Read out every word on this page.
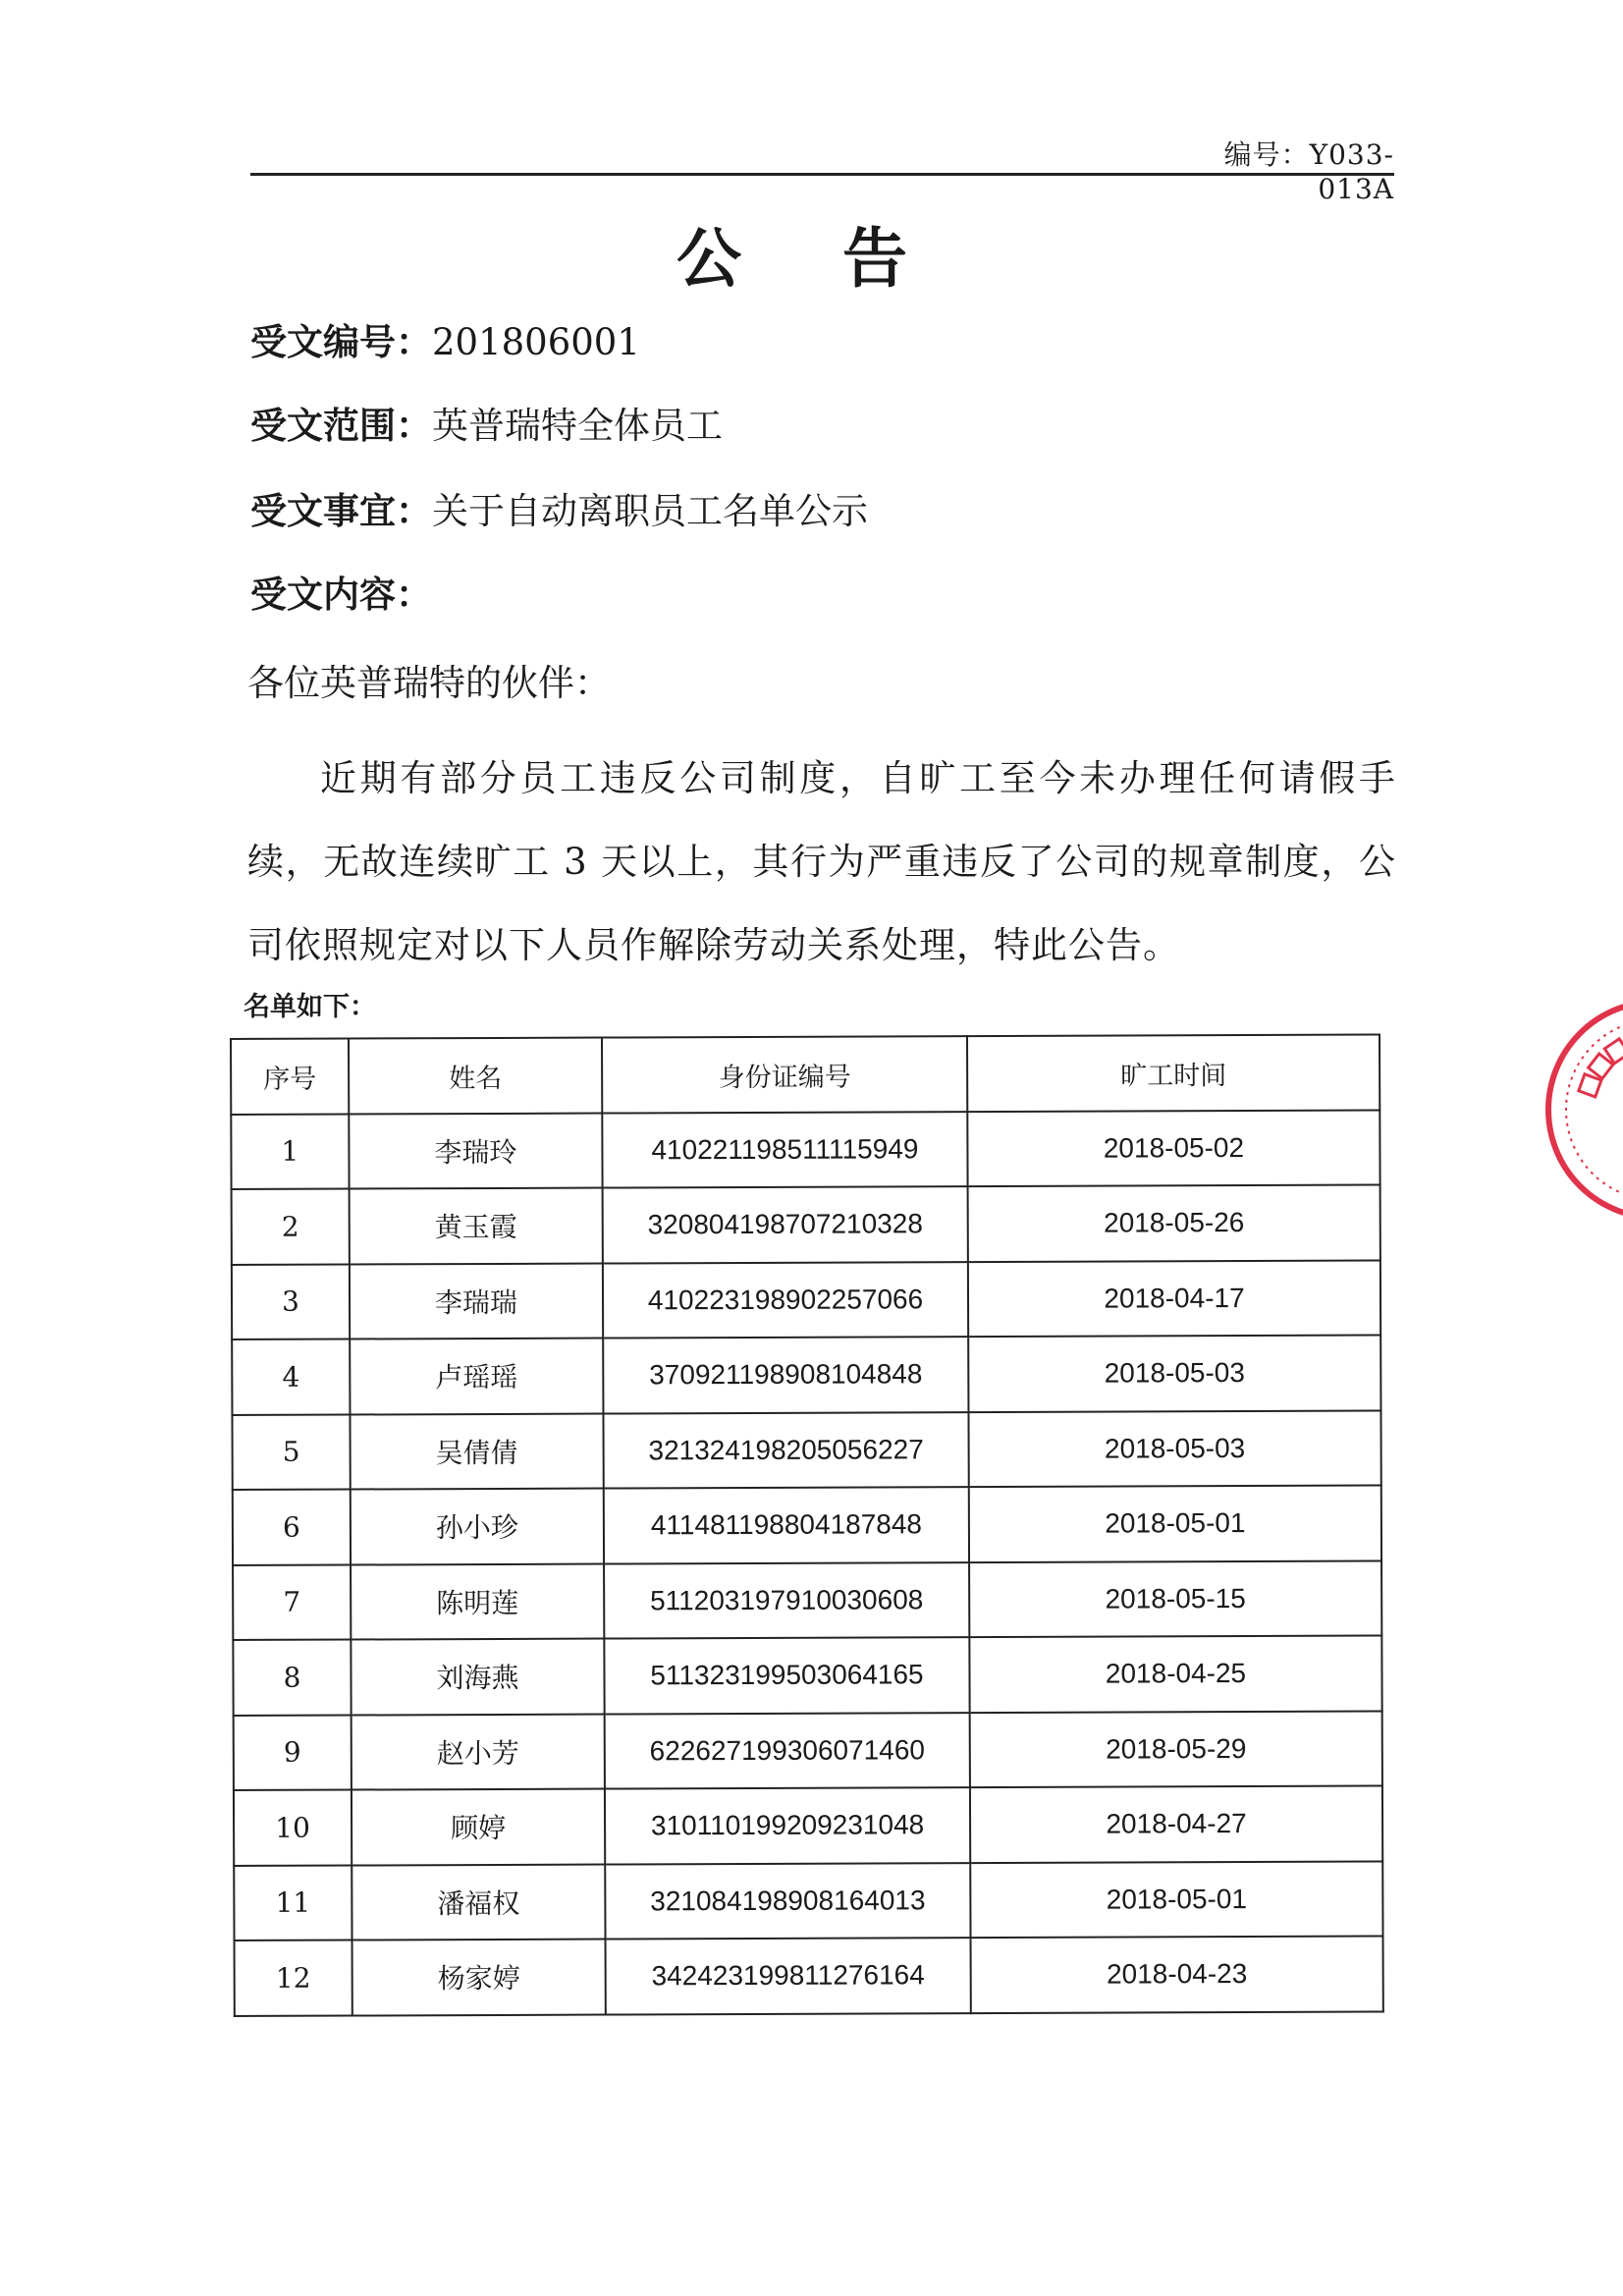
编号：Y033-013A
公 告
受文编号：201806001
受文范围：英普瑞特全体员工
受文事宜：关于自动离职员工名单公示
受文内容：
各位英普瑞特的伙伴：
近期有部分员工违反公司制度，自旷工至今未办理任何请假手续，无故连续旷工 3 天以上，其行为严重违反了公司的规章制度，公司依照规定对以下人员作解除劳动关系处理，特此公告。
名单如下：
序号	姓名	身份证编号	旷工时间
1	李瑞玲	410221198511115949	2018-05-02
2	黄玉霞	320804198707210328	2018-05-26
3	李瑞瑞	410223198902257066	2018-04-17
4	卢瑶瑶	370921198908104848	2018-05-03
5	吴倩倩	321324198205056227	2018-05-03
6	孙小珍	411481198804187848	2018-05-01
7	陈明莲	511203197910030608	2018-05-15
8	刘海燕	511323199503064165	2018-04-25
9	赵小芳	622627199306071460	2018-05-29
10	顾婷	310110199209231048	2018-04-27
11	潘福权	321084198908164013	2018-05-01
12	杨家婷	342423199811276164	2018-04-23
